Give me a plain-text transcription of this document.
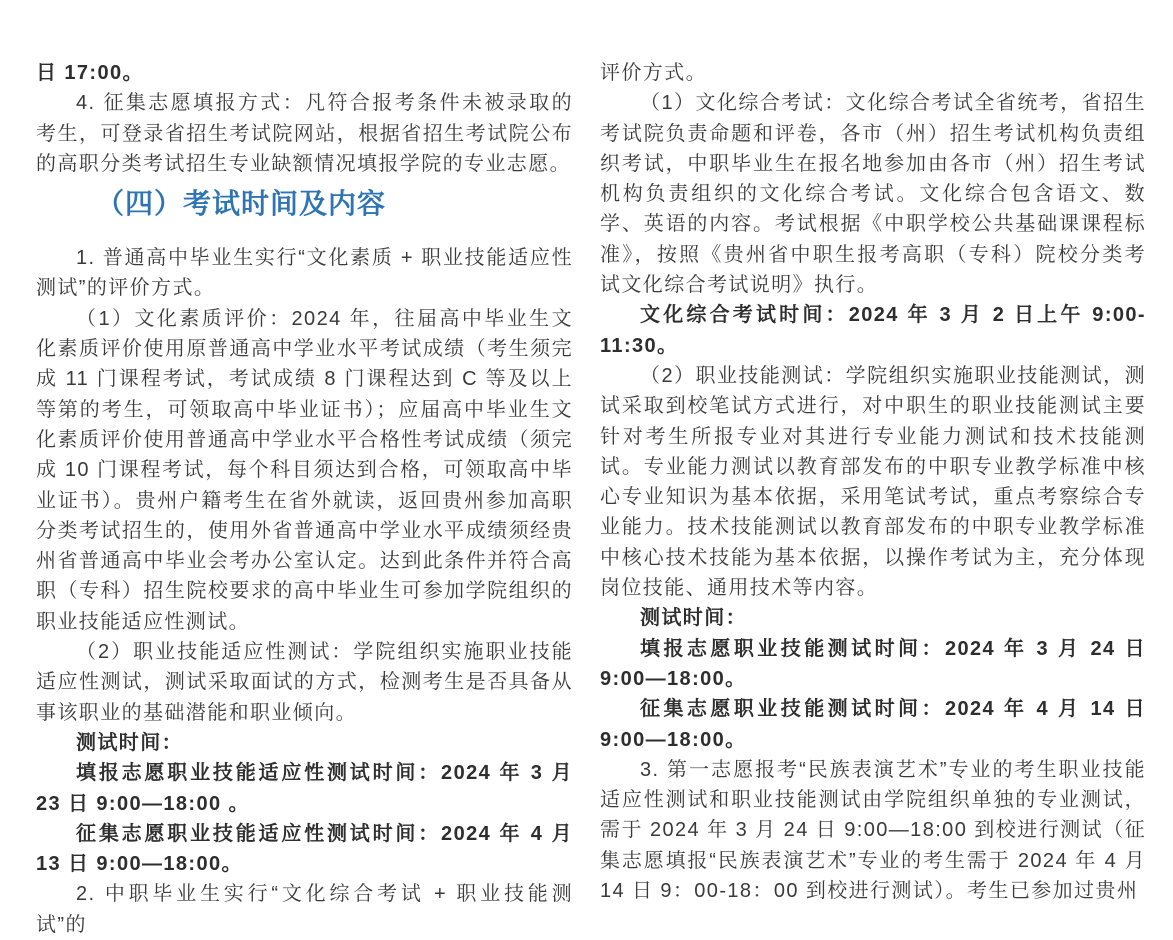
日 17:00。

4. 征集志愿填报方式：凡符合报考条件未被录取的考生，可登录省招生考试院网站，根据省招生考试院公布的高职分类考试招生专业缺额情况填报学院的专业志愿。

（四）考试时间及内容

1. 普通高中毕业生实行“文化素质 + 职业技能适应性测试”的评价方式。

（1）文化素质评价：2024 年，往届高中毕业生文化素质评价使用原普通高中学业水平考试成绩（考生须完成 11 门课程考试，考试成绩 8 门课程达到 C 等及以上等第的考生，可领取高中毕业证书）；应届高中毕业生文化素质评价使用普通高中学业水平合格性考试成绩（须完成 10 门课程考试，每个科目须达到合格，可领取高中毕业证书）。贵州户籍考生在省外就读，返回贵州参加高职分类考试招生的，使用外省普通高中学业水平成绩须经贵州省普通高中毕业会考办公室认定。达到此条件并符合高职（专科）招生院校要求的高中毕业生可参加学院组织的职业技能适应性测试。

（2）职业技能适应性测试：学院组织实施职业技能适应性测试，测试采取面试的方式，检测考生是否具备从事该职业的基础潜能和职业倾向。

测试时间：

填报志愿职业技能适应性测试时间：2024 年 3 月 23 日 9:00—18:00 。

征集志愿职业技能适应性测试时间：2024 年 4 月 13 日 9:00—18:00。

2. 中职毕业生实行“文化综合考试 + 职业技能测试”的

评价方式。

（1）文化综合考试：文化综合考试全省统考，省招生考试院负责命题和评卷，各市（州）招生考试机构负责组织考试，中职毕业生在报名地参加由各市（州）招生考试机构负责组织的文化综合考试。文化综合包含语文、数学、英语的内容。考试根据《中职学校公共基础课课程标准》，按照《贵州省中职生报考高职（专科）院校分类考试文化综合考试说明》执行。

文化综合考试时间：2024 年 3 月 2 日上午 9:00-11:30。

（2）职业技能测试：学院组织实施职业技能测试，测试采取到校笔试方式进行，对中职生的职业技能测试主要针对考生所报专业对其进行专业能力测试和技术技能测试。专业能力测试以教育部发布的中职专业教学标准中核心专业知识为基本依据，采用笔试考试，重点考察综合专业能力。技术技能测试以教育部发布的中职专业教学标准中核心技术技能为基本依据，以操作考试为主，充分体现岗位技能、通用技术等内容。

测试时间：

填报志愿职业技能测试时间：2024 年 3 月 24 日 9:00—18:00。

征集志愿职业技能测试时间：2024 年 4 月 14 日 9:00—18:00。

3. 第一志愿报考“民族表演艺术”专业的考生职业技能适应性测试和职业技能测试由学院组织单独的专业测试，需于 2024 年 3 月 24 日 9:00—18:00 到校进行测试（征集志愿填报“民族表演艺术”专业的考生需于 2024 年 4 月 14 日 9：00-18：00 到校进行测试）。考生已参加过贵州
